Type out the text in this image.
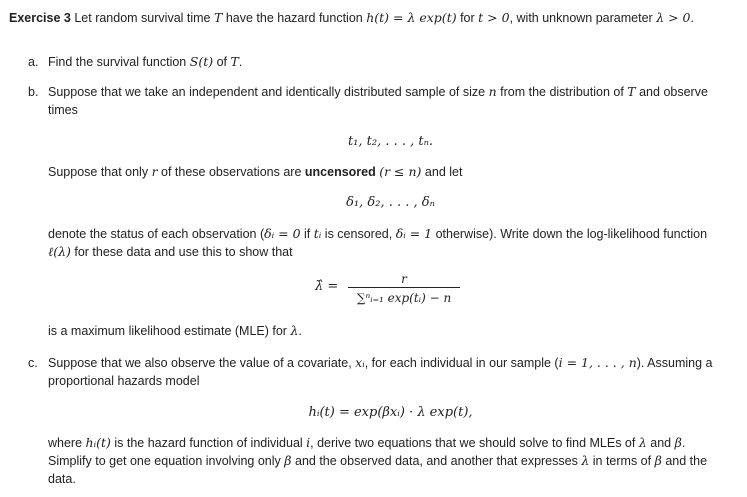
Exercise 3 Let random survival time T have the hazard function h(t) = λ exp(t) for t > 0, with unknown parameter λ > 0.
a. Find the survival function S(t) of T.
b. Suppose that we take an independent and identically distributed sample of size n from the distribution of T and observe
times
t₁, t₂, . . . , tₙ.
Suppose that only r of these observations are uncensored (r ≤ n) and let
δ₁, δ₂, . . . , δₙ
denote the status of each observation (δᵢ = 0 if tᵢ is censored, δᵢ = 1 otherwise). Write down the log-likelihood function
ℓ(λ) for these data and use this to show that
λ̂ =	r
∑ⁿᵢ₌₁ exp(tᵢ) − n
is a maximum likelihood estimate (MLE) for λ.
c. Suppose that we also observe the value of a covariate, xᵢ, for each individual in our sample (i = 1, . . . , n). Assuming a
proportional hazards model
hᵢ(t) = exp(βxᵢ) · λ exp(t),
where hᵢ(t) is the hazard function of individual i, derive two equations that we should solve to find MLEs of λ and β.
Simplify to get one equation involving only β and the observed data, and another that expresses λ in terms of β and the
data.
